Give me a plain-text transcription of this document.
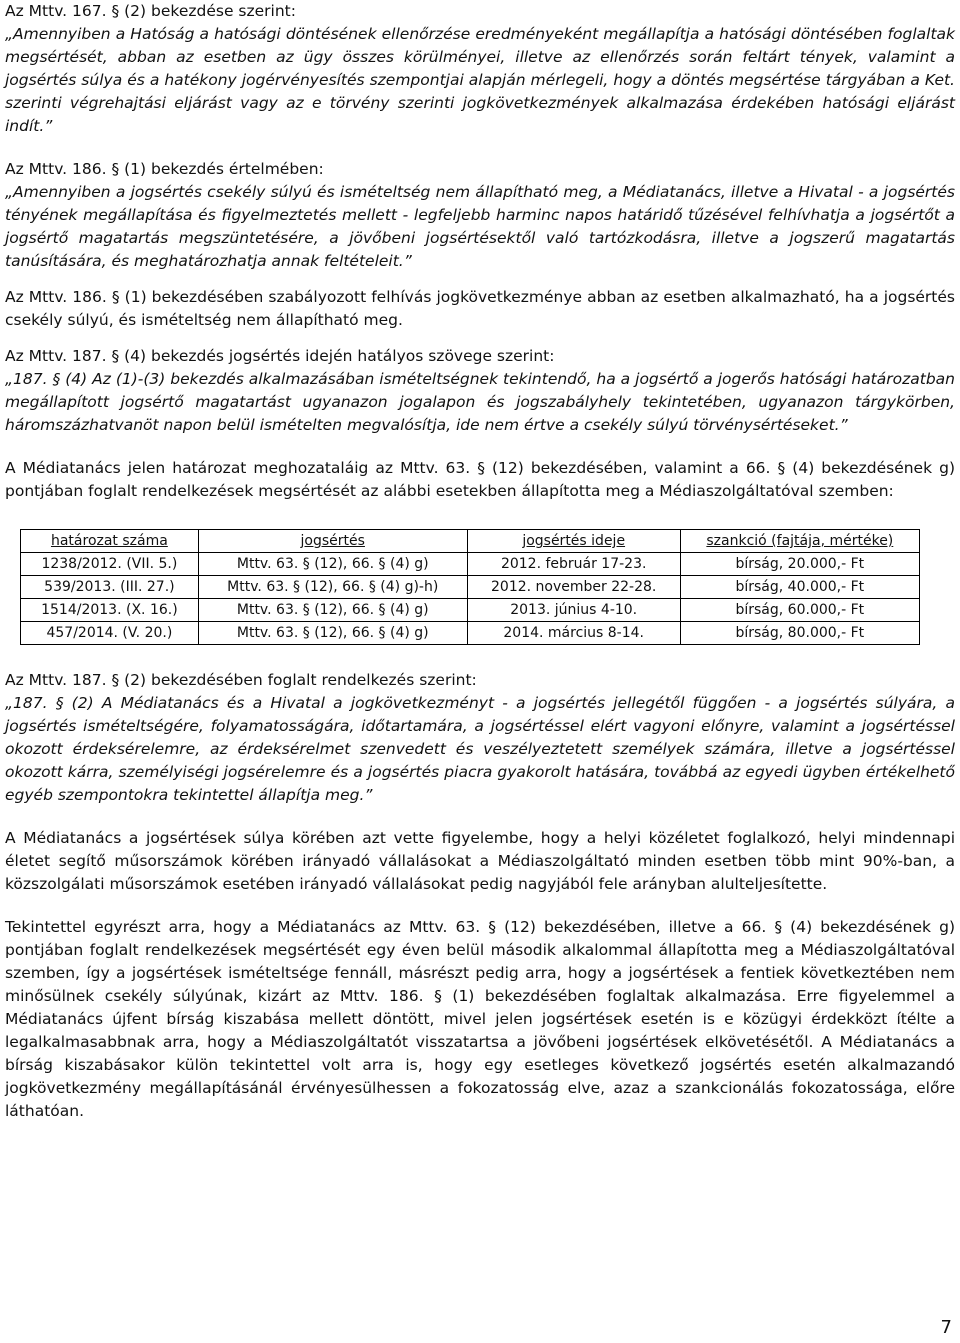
Az Mttv. 167. § (2) bekezdése szerint:

„Amennyiben a Hatóság a hatósági döntésének ellenőrzése eredményeként megállapítja a hatósági döntésében foglaltak megsértését, abban az esetben az ügy összes körülményei, illetve az ellenőrzés során feltárt tények, valamint a jogsértés súlya és a hatékony jogérvényesítés szempontjai alapján mérlegeli, hogy a döntés megsértése tárgyában a Ket. szerinti végrehajtási eljárást vagy az e törvény szerinti jogkövetkezmények alkalmazása érdekében hatósági eljárást indít.”

Az Mttv. 186. § (1) bekezdés értelmében:

„Amennyiben a jogsértés csekély súlyú és ismételtség nem állapítható meg, a Médiatanács, illetve a Hivatal - a jogsértés tényének megállapítása és figyelmeztetés mellett - legfeljebb harminc napos határidő tűzésével felhívhatja a jogsértőt a jogsértő magatartás megszüntetésére, a jövőbeni jogsértésektől való tartózkodásra, illetve a jogszerű magatartás tanúsítására, és meghatározhatja annak feltételeit.”

Az Mttv. 186. § (1) bekezdésében szabályozott felhívás jogkövetkezménye abban az esetben alkalmazható, ha a jogsértés csekély súlyú, és ismételtség nem állapítható meg.

Az Mttv. 187. § (4) bekezdés jogsértés idején hatályos szövege szerint:

„187. § (4) Az (1)-(3) bekezdés alkalmazásában ismételtségnek tekintendő, ha a jogsértő a jogerős hatósági határozatban megállapított jogsértő magatartást ugyanazon jogalapon és jogszabályhely tekintetében, ugyanazon tárgykörben, háromszázhatvanöt napon belül ismételten megvalósítja, ide nem értve a csekély súlyú törvénysértéseket.”

A Médiatanács jelen határozat meghozataláig az Mttv. 63. § (12) bekezdésében, valamint a 66. § (4) bekezdésének g) pontjában foglalt rendelkezések megsértését az alábbi esetekben állapította meg a Médiaszolgáltatóval szemben:

határozat száma	jogsértés	jogsértés ideje	szankció (fajtája, mértéke)
1238/2012. (VII. 5.)	Mttv. 63. § (12), 66. § (4) g)	2012. február 17-23.	bírság, 20.000,- Ft
539/2013. (III. 27.)	Mttv. 63. § (12), 66. § (4) g)-h)	2012. november 22-28.	bírság, 40.000,- Ft
1514/2013. (X. 16.)	Mttv. 63. § (12), 66. § (4) g)	2013. június 4-10.	bírság, 60.000,- Ft
457/2014. (V. 20.)	Mttv. 63. § (12), 66. § (4) g)	2014. március 8-14.	bírság, 80.000,- Ft

Az Mttv. 187. § (2) bekezdésében foglalt rendelkezés szerint:

„187. § (2) A Médiatanács és a Hivatal a jogkövetkezményt - a jogsértés jellegétől függően - a jogsértés súlyára, a jogsértés ismételtségére, folyamatosságára, időtartamára, a jogsértéssel elért vagyoni előnyre, valamint a jogsértéssel okozott érdeksérelemre, az érdeksérelmet szenvedett és veszélyeztetett személyek számára, illetve a jogsértéssel okozott kárra, személyiségi jogsérelemre és a jogsértés piacra gyakorolt hatására, továbbá az egyedi ügyben értékelhető egyéb szempontokra tekintettel állapítja meg.”

A Médiatanács a jogsértések súlya körében azt vette figyelembe, hogy a helyi közéletet foglalkozó, helyi mindennapi életet segítő műsorszámok körében irányadó vállalásokat a Médiaszolgáltató minden esetben több mint 90%-ban, a közszolgálati műsorszámok esetében irányadó vállalásokat pedig nagyjából fele arányban alulteljesítette.

Tekintettel egyrészt arra, hogy a Médiatanács az Mttv. 63. § (12) bekezdésében, illetve a 66. § (4) bekezdésének g) pontjában foglalt rendelkezések megsértését egy éven belül második alkalommal állapította meg a Médiaszolgáltatóval szemben, így a jogsértések ismételtsége fennáll, másrészt pedig arra, hogy a jogsértések a fentiek következtében nem minősülnek csekély súlyúnak, kizárt az Mttv. 186. § (1) bekezdésében foglaltak alkalmazása. Erre figyelemmel a Médiatanács újfent bírság kiszabása mellett döntött, mivel jelen jogsértések esetén is e közügyi érdekközt ítélte a legalkalmasabbnak arra, hogy a Médiaszolgáltatót visszatartsa a jövőbeni jogsértések elkövetésétől. A Médiatanács a bírság kiszabásakor külön tekintettel volt arra is, hogy egy esetleges következő jogsértés esetén alkalmazandó jogkövetkezmény megállapításánál érvényesülhessen a fokozatosság elve, azaz a szankcionálás fokozatossága, előre láthatóan.

7
